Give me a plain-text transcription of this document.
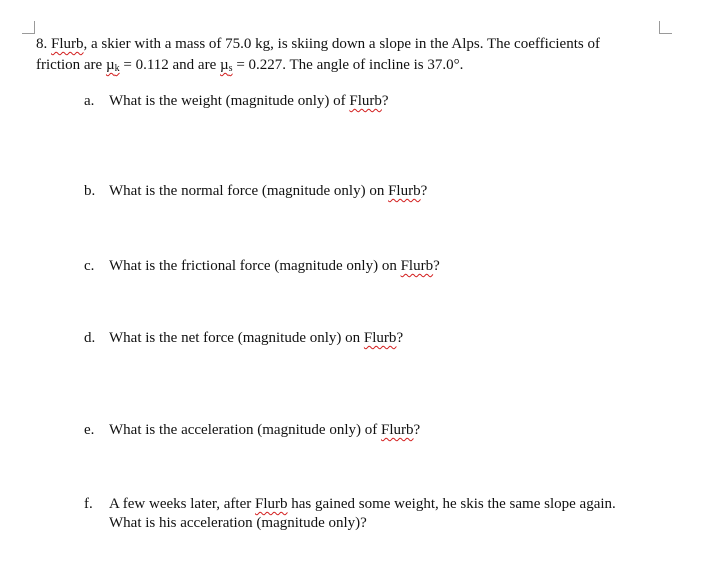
8. Flurb, a skier with a mass of 75.0 kg, is skiing down a slope in the Alps. The coefficients of
friction are µ$_k$ = 0.112 and are µ$_s$ = 0.227. The angle of incline is 37.0°.
a. What is the weight (magnitude only) of Flurb?
b. What is the normal force (magnitude only) on Flurb?
c. What is the frictional force (magnitude only) on Flurb?
d. What is the net force (magnitude only) on Flurb?
e. What is the acceleration (magnitude only) of Flurb?
f.	A few weeks later, after Flurb has gained some weight, he skis the same slope again.
What is his acceleration (magnitude only)?
